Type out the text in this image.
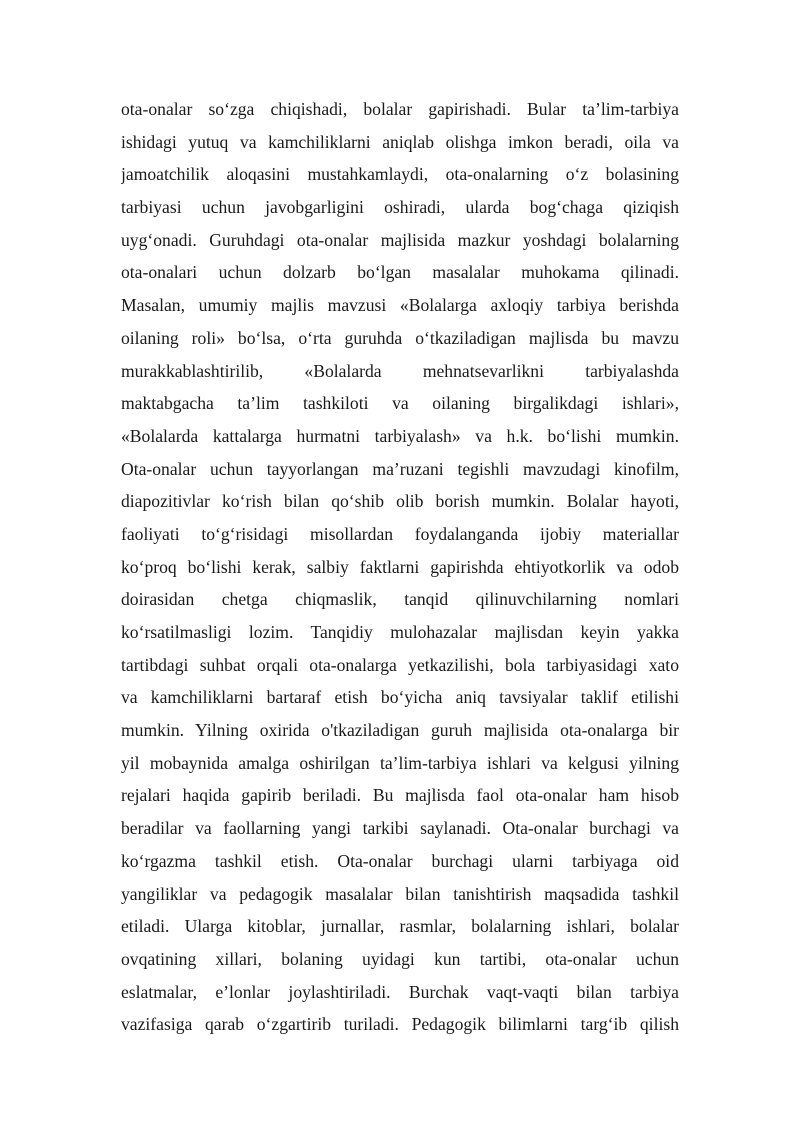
ota-onalar so‘zga chiqishadi, bolalar gapirishadi. Bular ta’lim-tarbiya
ishidagi yutuq va kamchiliklarni aniqlab olishga imkon beradi, oila va
jamoatchilik aloqasini mustahkamlaydi, ota-onalarning o‘z bolasining
tarbiyasi uchun javobgarligini oshiradi, ularda bog‘chaga qiziqish
uyg‘onadi. Guruhdagi ota-onalar majlisida mazkur yoshdagi bolalarning
ota-onalari uchun dolzarb bo‘lgan masalalar muhokama qilinadi.
Masalan, umumiy majlis mavzusi «Bolalarga axloqiy tarbiya berishda
oilaning roli» bo‘lsa, o‘rta guruhda o‘tkaziladigan majlisda bu mavzu
murakkablashtirilib, «Bolalarda mehnatsevarlikni tarbiyalashda
maktabgacha ta’lim tashkiloti va oilaning birgalikdagi ishlari»,
«Bolalarda kattalarga hurmatni tarbiyalash» va h.k. bo‘lishi mumkin.
Ota-onalar uchun tayyorlangan ma’ruzani tegishli mavzudagi kinofilm,
diapozitivlar ko‘rish bilan qo‘shib olib borish mumkin. Bolalar hayoti,
faoliyati to‘g‘risidagi misollardan foydalanganda ijobiy materiallar
ko‘proq bo‘lishi kerak, salbiy faktlarni gapirishda ehtiyotkorlik va odob
doirasidan chetga chiqmaslik, tanqid qilinuvchilarning nomlari
ko‘rsatilmasligi lozim. Tanqidiy mulohazalar majlisdan keyin yakka
tartibdagi suhbat orqali ota-onalarga yetkazilishi, bola tarbiyasidagi xato
va kamchiliklarni bartaraf etish bo‘yicha aniq tavsiyalar taklif etilishi
mumkin. Yilning oxirida o'tkaziladigan guruh majlisida ota-onalarga bir
yil mobaynida amalga oshirilgan ta’lim-tarbiya ishlari va kelgusi yilning
rejalari haqida gapirib beriladi. Bu majlisda faol ota-onalar ham hisob
beradilar va faollarning yangi tarkibi saylanadi. Ota-onalar burchagi va
ko‘rgazma tashkil etish. Ota-onalar burchagi ularni tarbiyaga oid
yangiliklar va pedagogik masalalar bilan tanishtirish maqsadida tashkil
etiladi. Ularga kitoblar, jurnallar, rasmlar, bolalarning ishlari, bolalar
ovqatining xillari, bolaning uyidagi kun tartibi, ota-onalar uchun
eslatmalar, e’lonlar joylashtiriladi. Burchak vaqt-vaqti bilan tarbiya
vazifasiga qarab o‘zgartirib turiladi. Pedagogik bilimlarni targ‘ib qilish
